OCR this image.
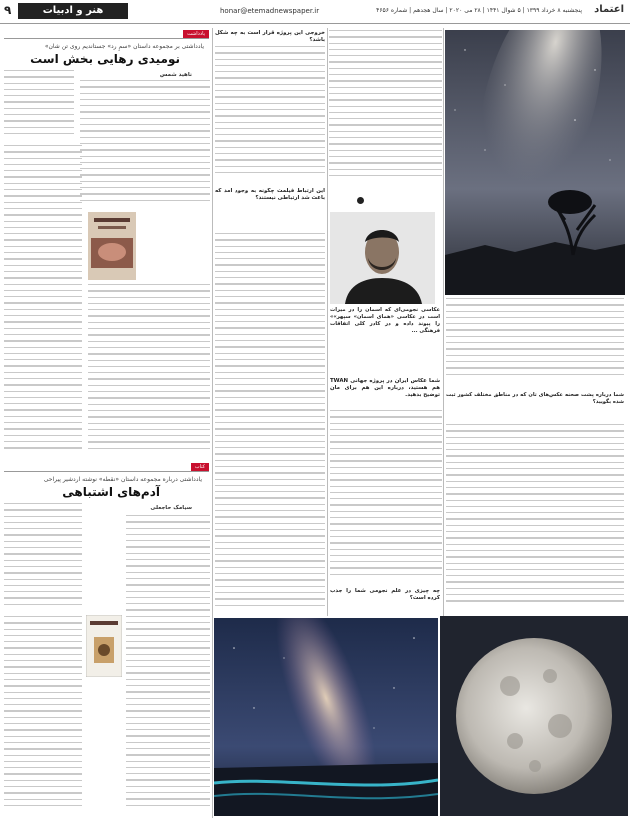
اعتماد
پنجشنبه ۸ خرداد ۱۳۹۹ | ۵ شوال ۱۴۴۱ | ۲۸ می ۲۰۲۰ | سال هجدهم | شماره ۴۶۵۶
honar@etemadnewspaper.ir
هنر و ادبیات
۹
شما درباره پشت صحنه عکس‌های تان که در مناطق مختلف کشور ثبت شده بگویید؟
عکاسی نجومی‌ای که آسمان را در میراث است در عکاسی «همای اسمان» سپهر»» را پیوند داده و در کادر کلی اتفاقات فرهنگی ...
شما عکاس ایران در پروژه جهانی TWAN هم هستید، درباره این هم برای مان توضیح بدهید.
چه چیزی در علم نجومی شما را جذب کرده است؟
خروجی این پروژه قرار است به چه شکل باشد؟
این ارتباط فیلمت چگونه به وجود آمد که باعث شد ارتباطی نیستند؟
یادداشت
یادداشتی بر مجموعه داستان «سمِ رد» جستاندیم روی تن شان»
نومیدی رهایی بخش است
ناهید شمس
کتاب
یادداشتی درباره مجموعه داستان «نقطه» نوشته اردشیر پیراحی
آدم‌های اشتباهی
سیامک حاجعلی
